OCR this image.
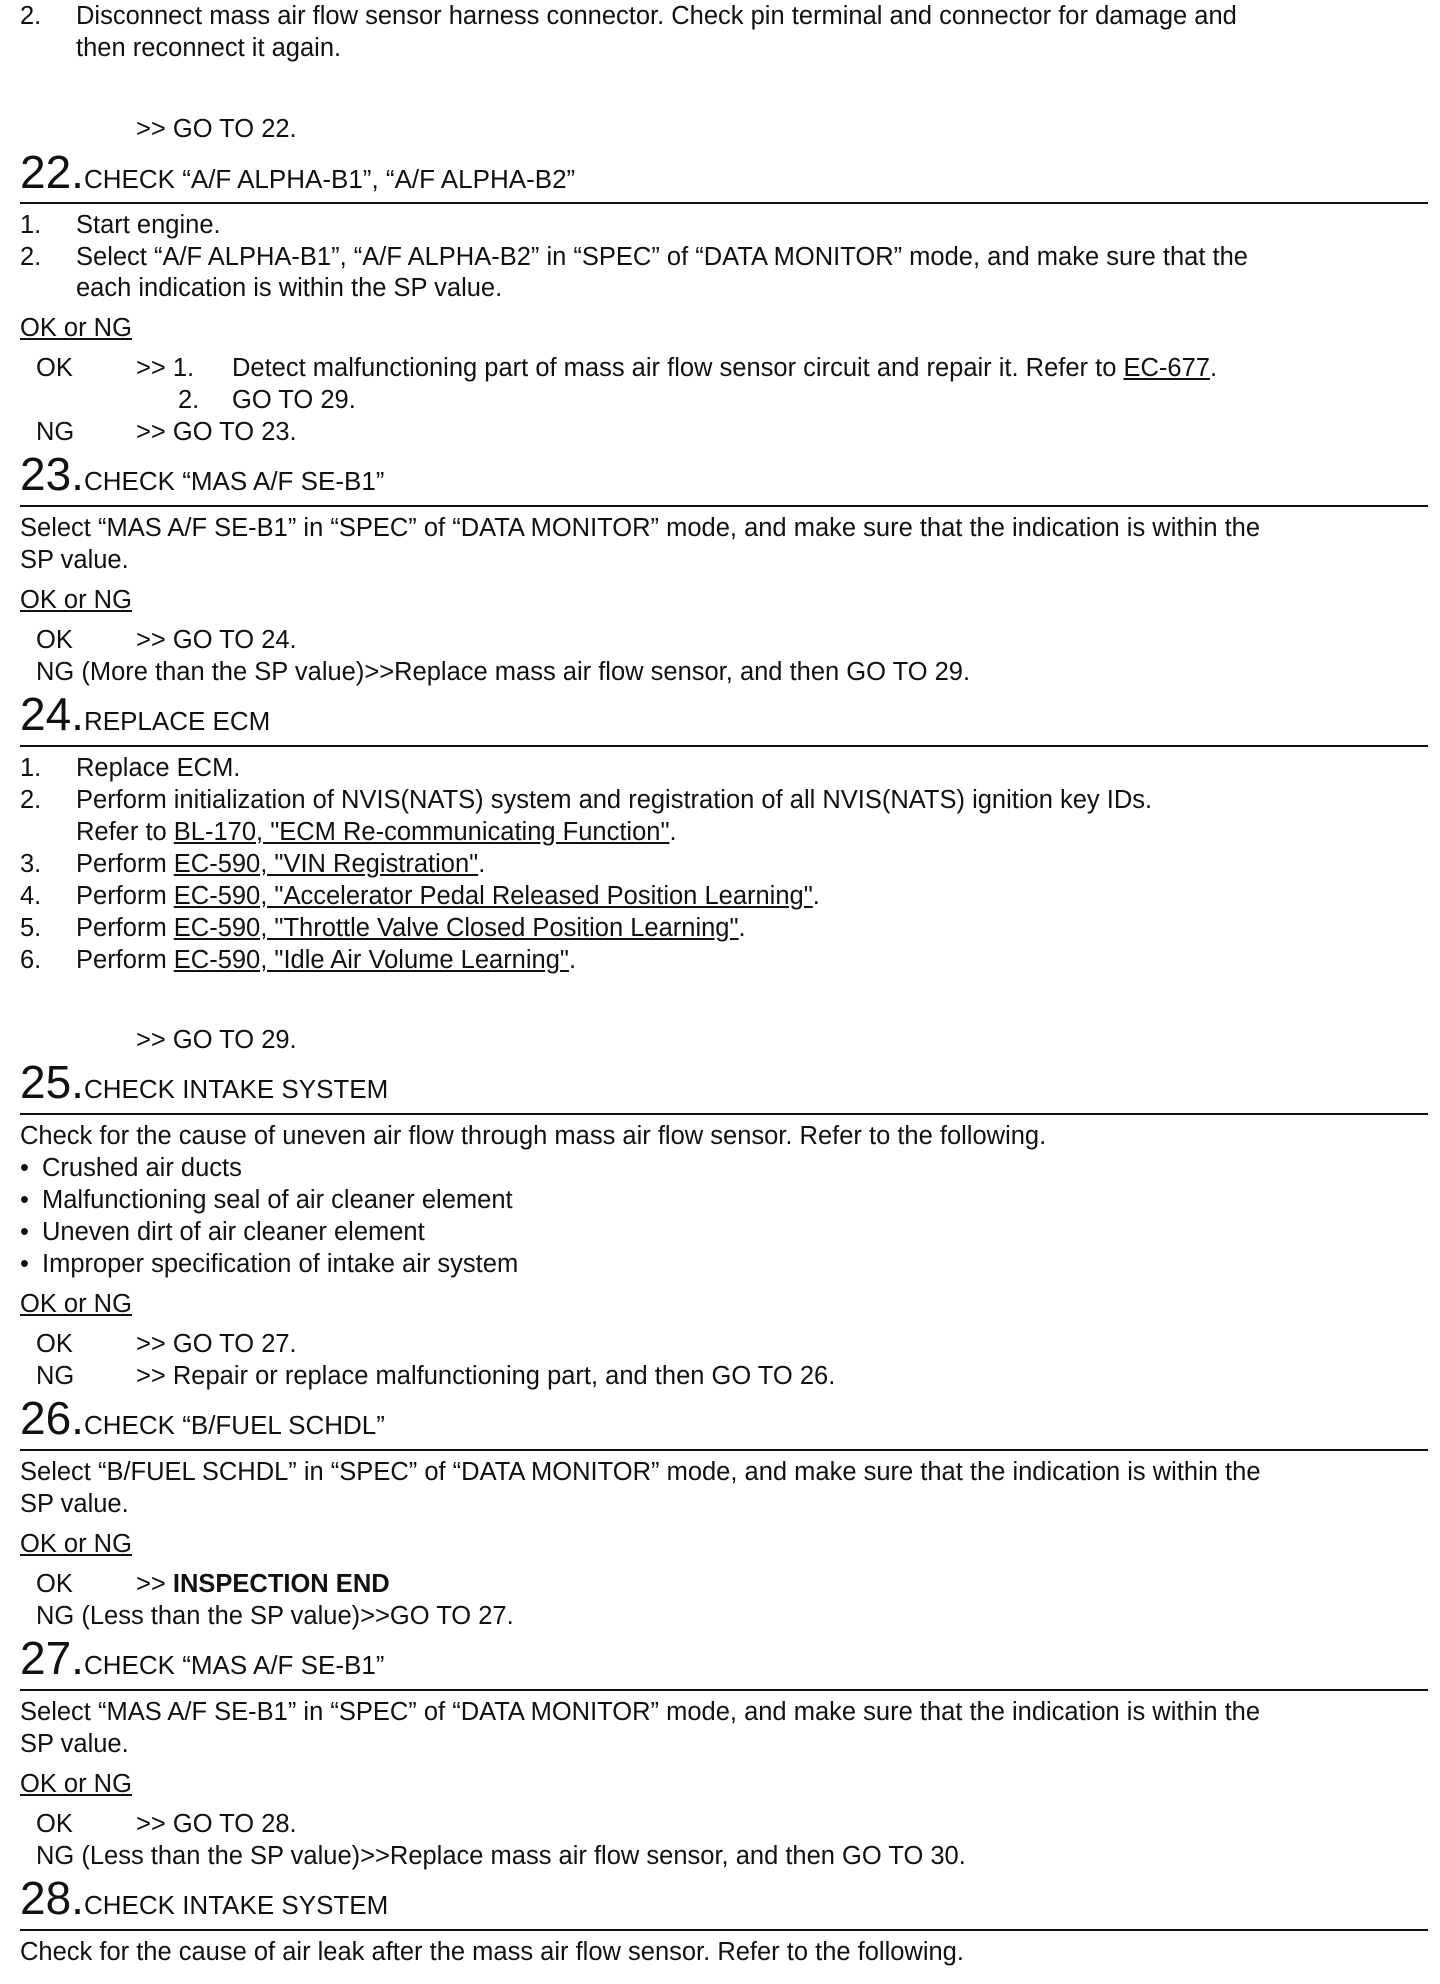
2.	Disconnect mass air flow sensor harness connector. Check pin terminal and connector for damage and
then reconnect it again.
>> GO TO 22.
22.CHECK “A/F ALPHA-B1”, “A/F ALPHA-B2”
1.	Start engine.
2.	Select “A/F ALPHA-B1”, “A/F ALPHA-B2” in “SPEC” of “DATA MONITOR” mode, and make sure that the
each indication is within the SP value.
OK or NG
OK >> 1. Detect malfunctioning part of mass air flow sensor circuit and repair it. Refer to EC-677.
2. GO TO 29.
NG >> GO TO 23.
23.CHECK “MAS A/F SE-B1”
Select “MAS A/F SE-B1” in “SPEC” of “DATA MONITOR” mode, and make sure that the indication is within the
SP value.
OK or NG
OK >> GO TO 24.
NG (More than the SP value)>>Replace mass air flow sensor, and then GO TO 29.
24.REPLACE ECM
1.	Replace ECM.
2.	Perform initialization of NVIS(NATS) system and registration of all NVIS(NATS) ignition key IDs.
Refer to BL-170, "ECM Re-communicating Function".
3.	Perform EC-590, "VIN Registration".
4.	Perform EC-590, "Accelerator Pedal Released Position Learning".
5.	Perform EC-590, "Throttle Valve Closed Position Learning".
6.	Perform EC-590, "Idle Air Volume Learning".
>> GO TO 29.
25.CHECK INTAKE SYSTEM
Check for the cause of uneven air flow through mass air flow sensor. Refer to the following.
• Crushed air ducts
• Malfunctioning seal of air cleaner element
• Uneven dirt of air cleaner element
• Improper specification of intake air system
OK or NG
OK >> GO TO 27.
NG >> Repair or replace malfunctioning part, and then GO TO 26.
26.CHECK “B/FUEL SCHDL”
Select “B/FUEL SCHDL” in “SPEC” of “DATA MONITOR” mode, and make sure that the indication is within the
SP value.
OK or NG
OK >> INSPECTION END
NG (Less than the SP value)>>GO TO 27.
27.CHECK “MAS A/F SE-B1”
Select “MAS A/F SE-B1” in “SPEC” of “DATA MONITOR” mode, and make sure that the indication is within the
SP value.
OK or NG
OK >> GO TO 28.
NG (Less than the SP value)>>Replace mass air flow sensor, and then GO TO 30.
28.CHECK INTAKE SYSTEM
Check for the cause of air leak after the mass air flow sensor. Refer to the following.
